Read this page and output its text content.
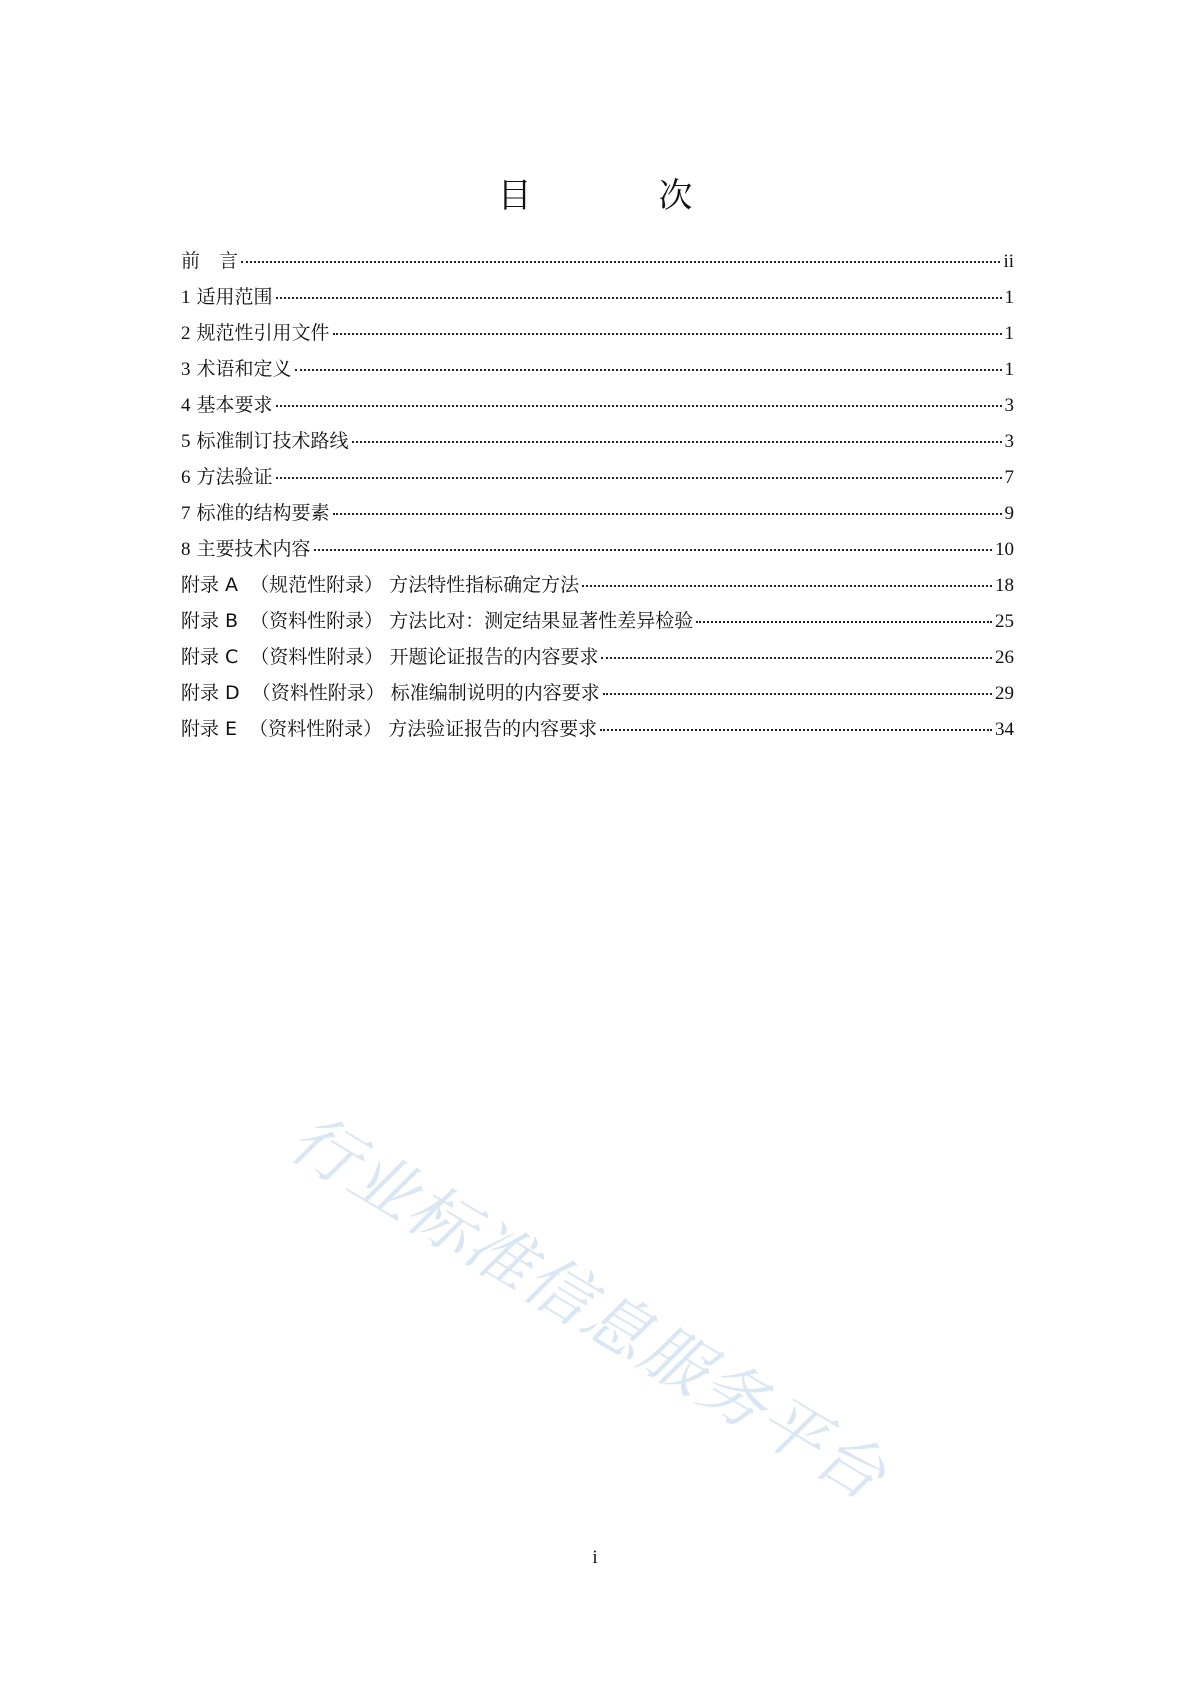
目 次
前　言	ii
1 适用范围	1
2 规范性引用文件	1
3 术语和定义	1
4 基本要求	3
5 标准制订技术路线	3
6 方法验证	7
7 标准的结构要素	9
8 主要技术内容	10
附录 A （规范性附录） 方法特性指标确定方法	18
附录 B （资料性附录） 方法比对：测定结果显著性差异检验	25
附录 C （资料性附录） 开题论证报告的内容要求	26
附录 D （资料性附录） 标准编制说明的内容要求	29
附录 E （资料性附录） 方法验证报告的内容要求	34
行业标准信息服务平台
i
